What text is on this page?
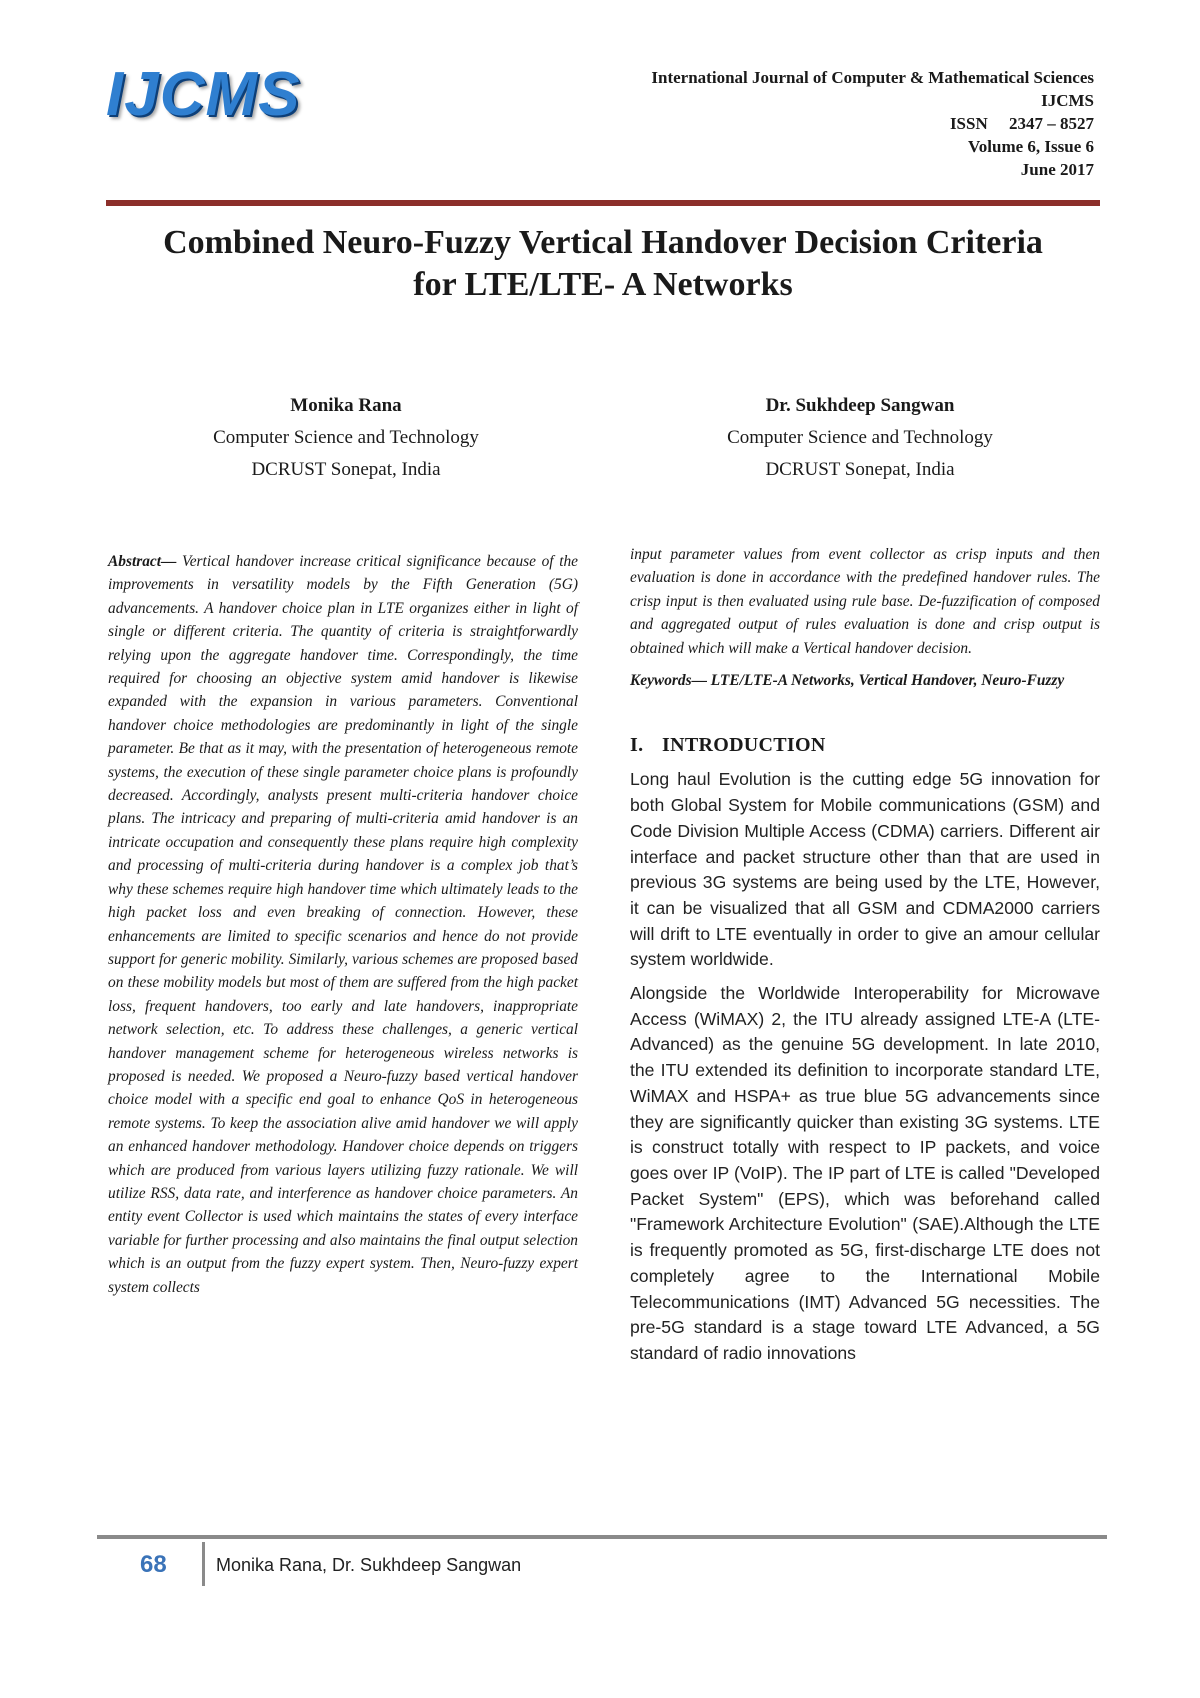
IJCMS	International Journal of Computer & Mathematical Sciences
IJCMS
ISSN     2347 – 8527
Volume 6, Issue 6
June 2017
Combined Neuro-Fuzzy Vertical Handover Decision Criteria
for LTE/LTE- A Networks
Monika Rana
Computer Science and Technology
DCRUST Sonepat, India
Dr. Sukhdeep Sangwan
Computer Science and Technology
DCRUST Sonepat, India

Abstract— Vertical handover increase critical significance because of the improvements in versatility models by the Fifth Generation (5G) advancements. A handover choice plan in LTE organizes either in light of single or different criteria. The quantity of criteria is straightforwardly relying upon the aggregate handover time. Correspondingly, the time required for choosing an objective system amid handover is likewise expanded with the expansion in various parameters. Conventional handover choice methodologies are predominantly in light of the single parameter. Be that as it may, with the presentation of heterogeneous remote systems, the execution of these single parameter choice plans is profoundly decreased. Accordingly, analysts present multi-criteria handover choice plans. The intricacy and preparing of multi-criteria amid handover is an intricate occupation and consequently these plans require high complexity and processing of multi-criteria during handover is a complex job that’s why these schemes require high handover time which ultimately leads to the high packet loss and even breaking of connection. However, these enhancements are limited to specific scenarios and hence do not provide support for generic mobility. Similarly, various schemes are proposed based on these mobility models but most of them are suffered from the high packet loss, frequent handovers, too early and late handovers, inappropriate network selection, etc. To address these challenges, a generic vertical handover management scheme for heterogeneous wireless networks is proposed is needed. We proposed a Neuro-fuzzy based vertical handover choice model with a specific end goal to enhance QoS in heterogeneous remote systems. To keep the association alive amid handover we will apply an enhanced handover methodology. Handover choice depends on triggers which are produced from various layers utilizing fuzzy rationale. We will utilize RSS, data rate, and interference as handover choice parameters. An entity event Collector is used which maintains the states of every interface variable for further processing and also maintains the final output selection which is an output from the fuzzy expert system. Then, Neuro-fuzzy expert system collects

input parameter values from event collector as crisp inputs and then evaluation is done in accordance with the predefined handover rules. The crisp input is then evaluated using rule base. De-fuzzification of composed and aggregated output of rules evaluation is done and crisp output is obtained which will make a Vertical handover decision.

Keywords— LTE/LTE-A Networks, Vertical Handover, Neuro-Fuzzy

I. INTRODUCTION

Long haul Evolution is the cutting edge 5G innovation for both Global System for Mobile communications (GSM) and Code Division Multiple Access (CDMA) carriers. Different air interface and packet structure other than that are used in previous 3G systems are being used by the LTE, However, it can be visualized that all GSM and CDMA2000 carriers will drift to LTE eventually in order to give an amour cellular system worldwide.

Alongside the Worldwide Interoperability for Microwave Access (WiMAX) 2, the ITU already assigned LTE-A (LTE-Advanced) as the genuine 5G development. In late 2010, the ITU extended its definition to incorporate standard LTE, WiMAX and HSPA+ as true blue 5G advancements since they are significantly quicker than existing 3G systems. LTE is construct totally with respect to IP packets, and voice goes over IP (VoIP). The IP part of LTE is called "Developed Packet System" (EPS), which was beforehand called "Framework Architecture Evolution" (SAE).Although the LTE is frequently promoted as 5G, first-discharge LTE does not completely agree to the International Mobile Telecommunications (IMT) Advanced 5G necessities. The pre-5G standard is a stage toward LTE Advanced, a 5G standard of radio innovations

68	Monika Rana, Dr. Sukhdeep Sangwan
